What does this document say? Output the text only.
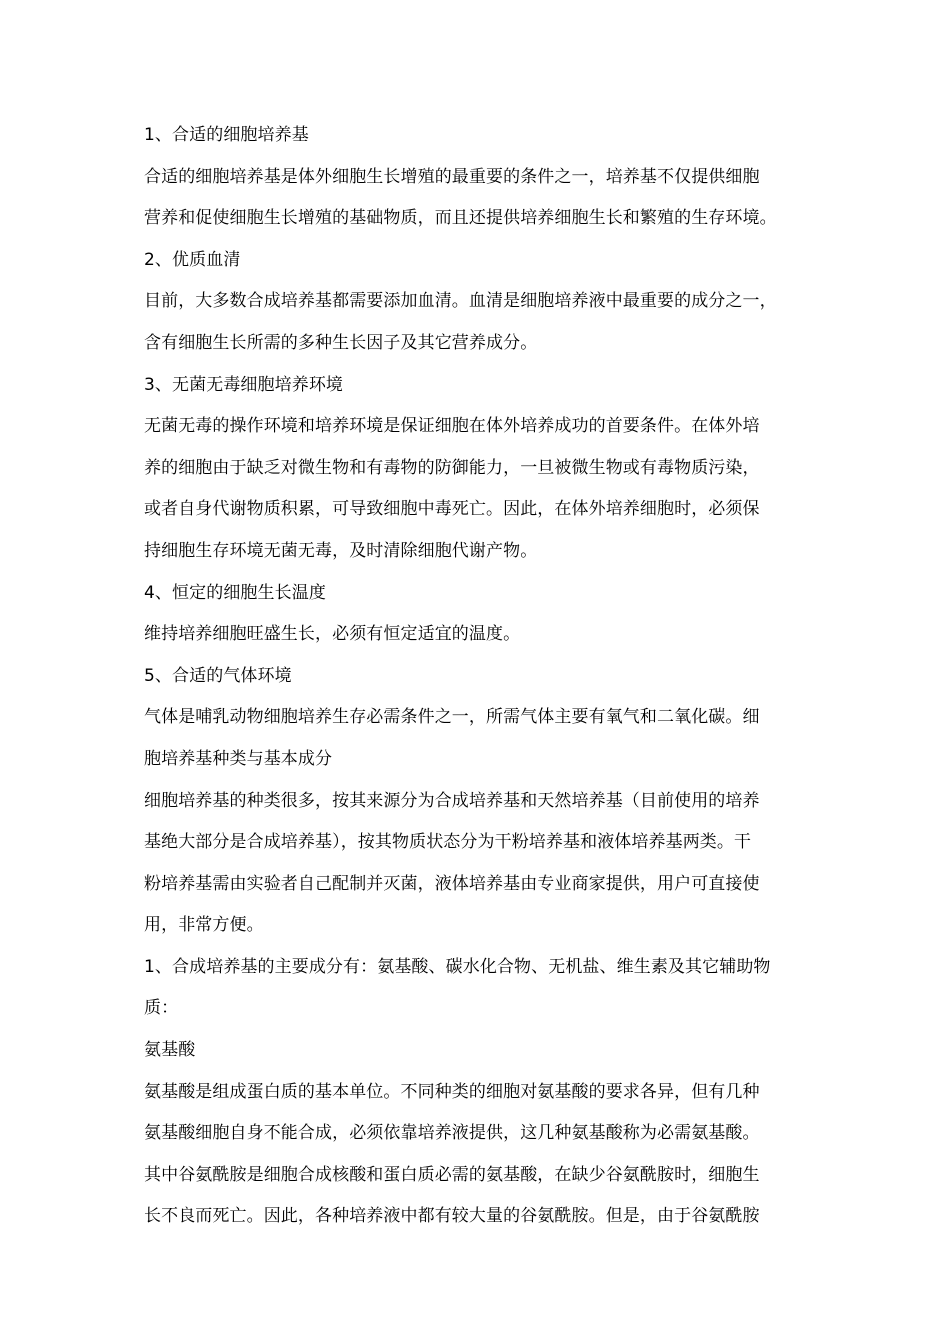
1、合适的细胞培养基
合适的细胞培养基是体外细胞生长增殖的最重要的条件之一，培养基不仅提供细胞
营养和促使细胞生长增殖的基础物质，而且还提供培养细胞生长和繁殖的生存环境。
2、优质血清
目前，大多数合成培养基都需要添加血清。血清是细胞培养液中最重要的成分之一，
含有细胞生长所需的多种生长因子及其它营养成分。
3、无菌无毒细胞培养环境
无菌无毒的操作环境和培养环境是保证细胞在体外培养成功的首要条件。在体外培
养的细胞由于缺乏对微生物和有毒物的防御能力，一旦被微生物或有毒物质污染，
或者自身代谢物质积累，可导致细胞中毒死亡。因此，在体外培养细胞时，必须保
持细胞生存环境无菌无毒，及时清除细胞代谢产物。
4、恒定的细胞生长温度
维持培养细胞旺盛生长，必须有恒定适宜的温度。
5、合适的气体环境
气体是哺乳动物细胞培养生存必需条件之一，所需气体主要有氧气和二氧化碳。细
胞培养基种类与基本成分
细胞培养基的种类很多，按其来源分为合成培养基和天然培养基（目前使用的培养
基绝大部分是合成培养基），按其物质状态分为干粉培养基和液体培养基两类。干
粉培养基需由实验者自己配制并灭菌，液体培养基由专业商家提供，用户可直接使
用，非常方便。
1、合成培养基的主要成分有：氨基酸、碳水化合物、无机盐、维生素及其它辅助物
质：
氨基酸
氨基酸是组成蛋白质的基本单位。不同种类的细胞对氨基酸的要求各异，但有几种
氨基酸细胞自身不能合成，必须依靠培养液提供，这几种氨基酸称为必需氨基酸。
其中谷氨酰胺是细胞合成核酸和蛋白质必需的氨基酸，在缺少谷氨酰胺时，细胞生
长不良而死亡。因此，各种培养液中都有较大量的谷氨酰胺。但是，由于谷氨酰胺
